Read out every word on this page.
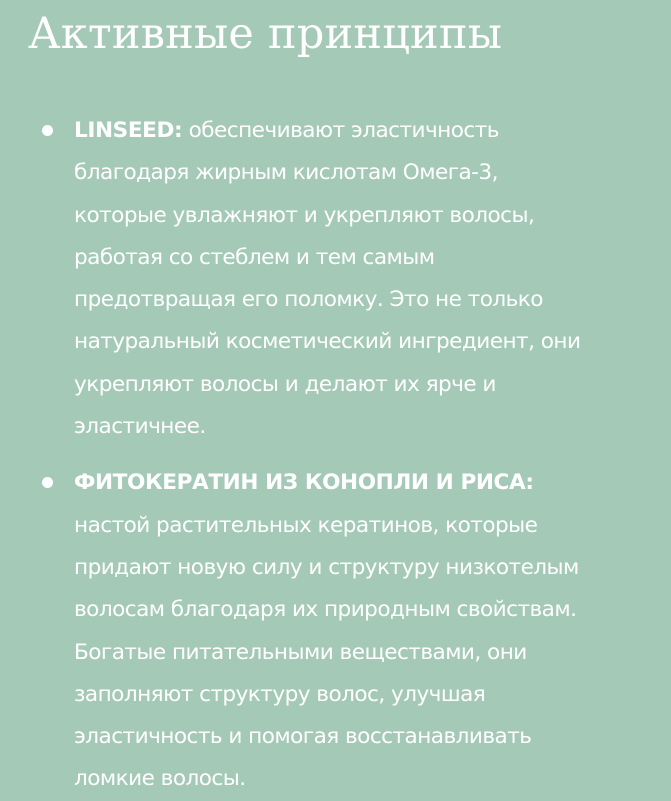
Активные принципы
LINSEED: обеспечивают эластичность
благодаря жирным кислотам Омега-3,
которые увлажняют и укрепляют волосы,
работая со стеблем и тем самым
предотвращая его поломку. Это не только
натуральный косметический ингредиент, они
укрепляют волосы и делают их ярче и
эластичнее.
ФИТОКЕРАТИН ИЗ КОНОПЛИ И РИСА:
настой растительных кератинов, которые
придают новую силу и структуру низкотелым
волосам благодаря их природным свойствам.
Богатые питательными веществами, они
заполняют структуру волос, улучшая
эластичность и помогая восстанавливать
ломкие волосы.
